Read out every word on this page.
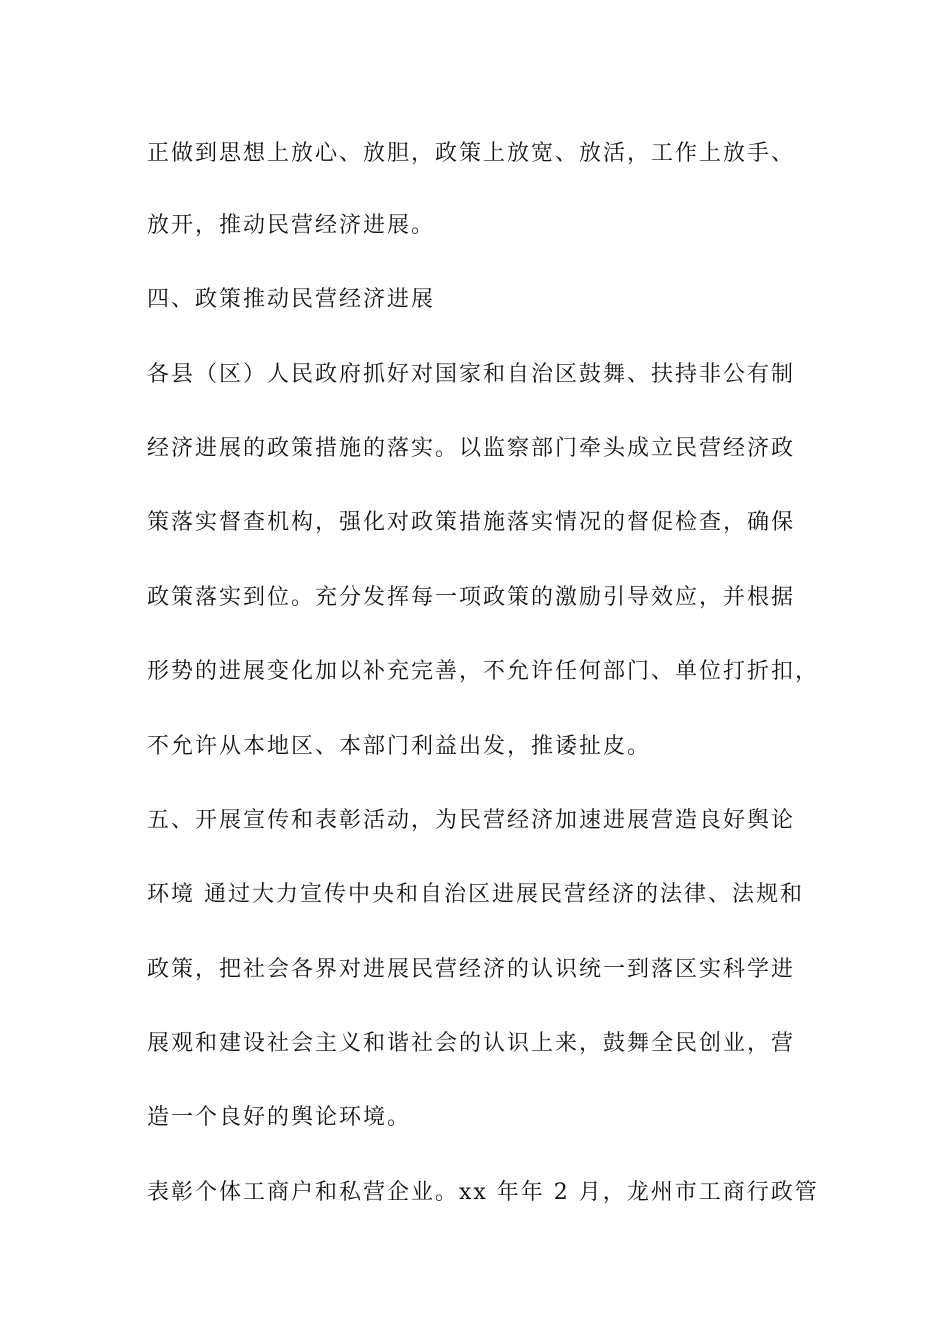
正做到思想上放心、放胆，政策上放宽、放活，工作上放手、
放开，推动民营经济进展。
四、政策推动民营经济进展
各县（区）人民政府抓好对国家和自治区鼓舞、扶持非公有制
经济进展的政策措施的落实。以监察部门牵头成立民营经济政
策落实督查机构，强化对政策措施落实情况的督促检查，确保
政策落实到位。充分发挥每一项政策的激励引导效应，并根据
形势的进展变化加以补充完善，不允许任何部门、单位打折扣，
不允许从本地区、本部门利益出发，推诿扯皮。
五、开展宣传和表彰活动，为民营经济加速进展营造良好舆论
环境 通过大力宣传中央和自治区进展民营经济的法律、法规和
政策，把社会各界对进展民营经济的认识统一到落区实科学进
展观和建设社会主义和谐社会的认识上来，鼓舞全民创业，营
造一个良好的舆论环境。
表彰个体工商户和私营企业。xx 年年 2 月，龙州市工商行政管
